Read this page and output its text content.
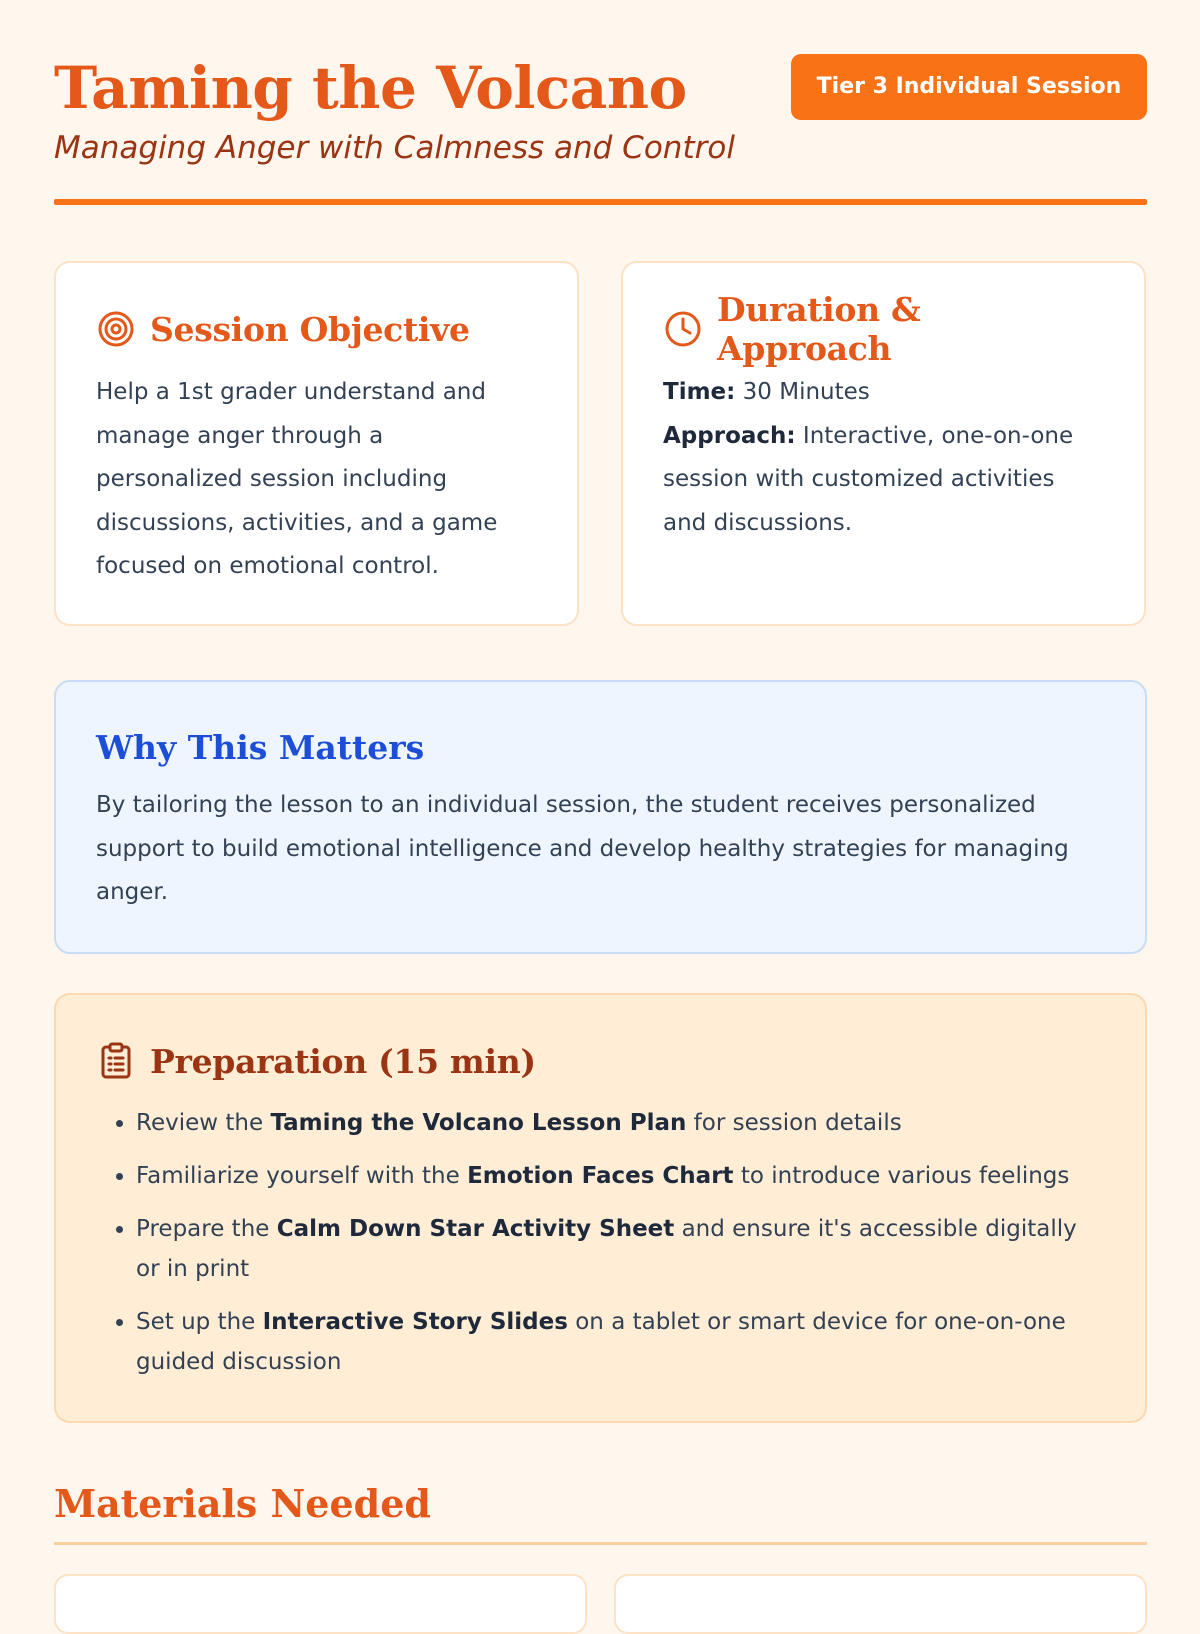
Taming the Volcano

Managing Anger with Calmness and Control

Tier 3 Individual Session
Session Objective

Help a 1st grader understand and manage anger through a personalized session including discussions, activities, and a game focused on emotional control.

Duration & Approach

Time: 30 Minutes

Approach: Interactive, one-on-one session with customized activities and discussions.

Why This Matters

By tailoring the lesson to an individual session, the student receives personalized support to build emotional intelligence and develop healthy strategies for managing anger.

Preparation (15 min)
• Review the Taming the Volcano Lesson Plan for session details
• Familiarize yourself with the Emotion Faces Chart to introduce various feelings
• Prepare the Calm Down Star Activity Sheet and ensure it's accessible digitally or in print
• Set up the Interactive Story Slides on a tablet or smart device for one-on-one guided discussion
Materials Needed
